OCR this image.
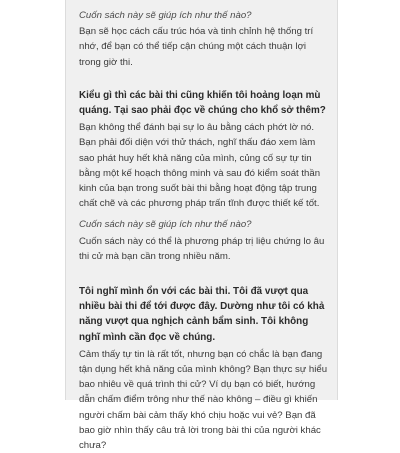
Cuốn sách này sẽ giúp ích như thế nào?

Bạn sẽ học cách cấu trúc hóa và tinh chỉnh hệ thống trí nhớ, để bạn có thể tiếp cận chúng một cách thuận lợi trong giờ thi.

Kiểu gì thì các bài thi cũng khiến tôi hoảng loạn mù quáng. Tại sao phải đọc về chúng cho khổ sở thêm?

Bạn không thể đánh bại sự lo âu bằng cách phớt lờ nó. Bạn phải đối diện với thử thách, nghĩ thấu đáo xem làm sao phát huy hết khả năng của mình, củng cố sự tự tin bằng một kế hoạch thông minh và sau đó kiểm soát thần kinh của bạn trong suốt bài thi bằng hoạt động tập trung chất chẽ và các phương pháp trấn tĩnh được thiết kế tốt.

Cuốn sách này sẽ giúp ích như thế nào?

Cuốn sách này có thể là phương pháp trị liệu chứng lo âu thi cử mà bạn cần trong nhiều năm.

Tôi nghĩ mình ổn với các bài thi. Tôi đã vượt qua nhiều bài thi để tới được đây. Dường như tôi có khả năng vượt qua nghịch cảnh bẩm sinh. Tôi không nghĩ mình cần đọc về chúng.

Cảm thấy tự tin là rất tốt, nhưng bạn có chắc là bạn đang tận dụng hết khả năng của mình không? Bạn thực sự hiểu bao nhiêu về quá trình thi cử? Ví dụ bạn có biết, hướng dẫn chấm điểm trông như thế nào không – điều gì khiến người chấm bài cảm thấy khó chịu hoặc vui vẻ? Bạn đã bao giờ nhìn thấy câu trả lời trong bài thi của người khác chưa?
